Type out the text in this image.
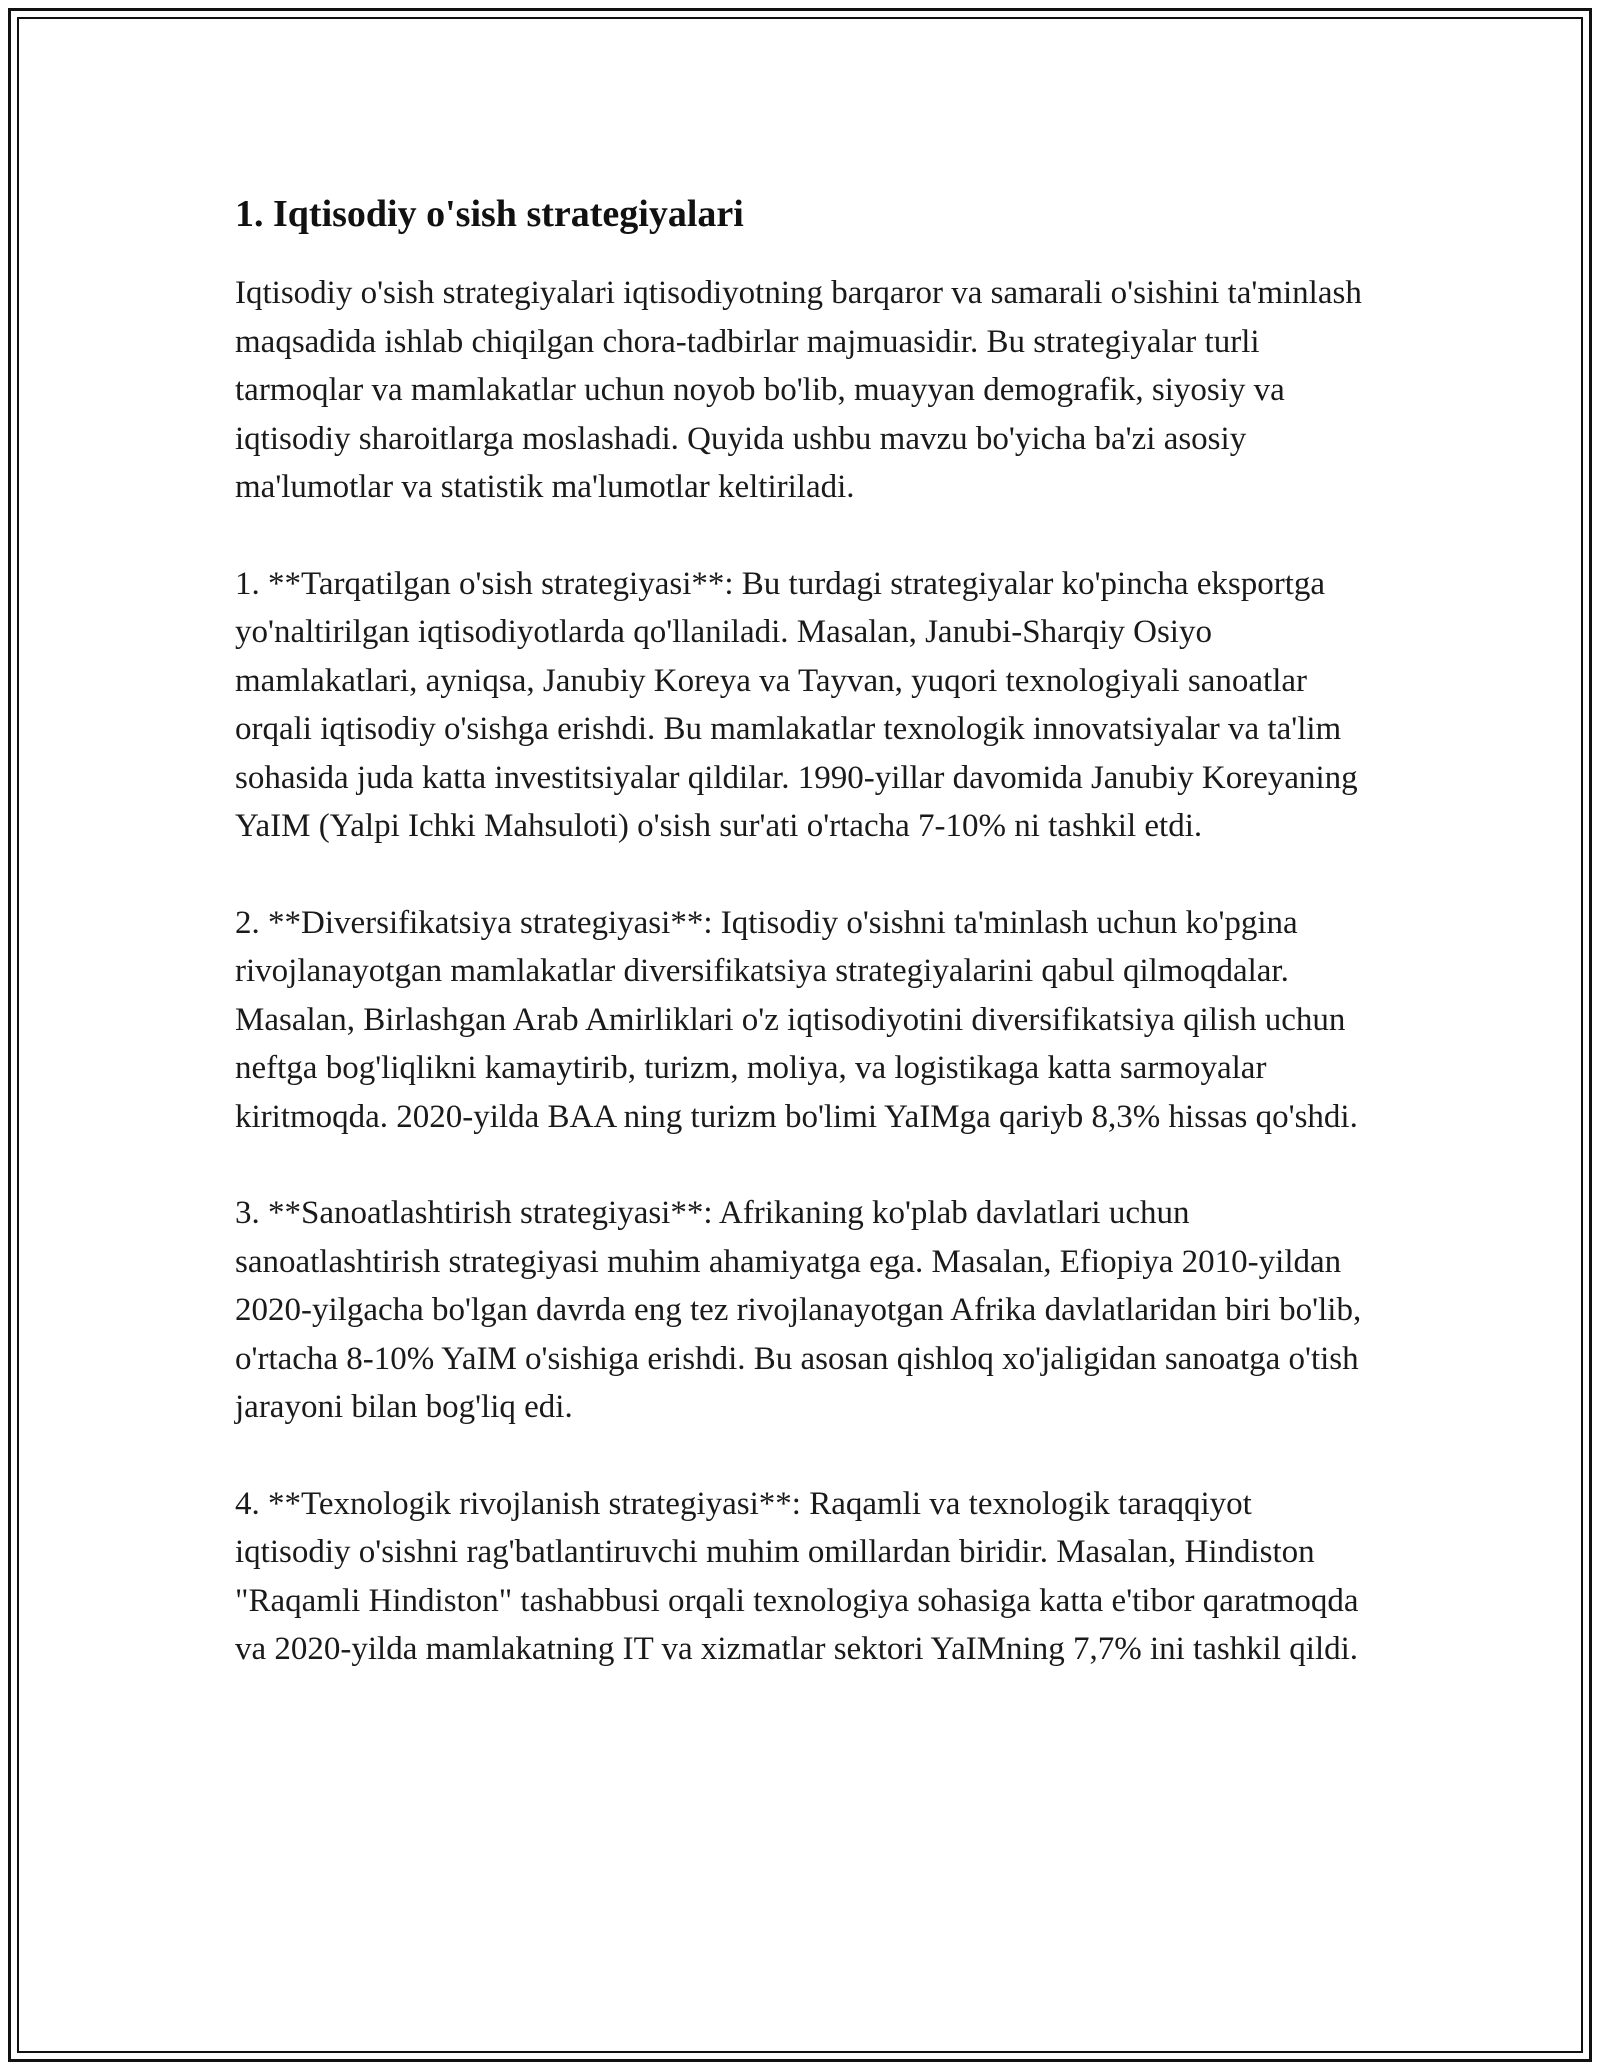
1. Iqtisodiy o'sish strategiyalari

Iqtisodiy o'sish strategiyalari iqtisodiyotning barqaror va samarali o'sishini ta'minlash maqsadida ishlab chiqilgan chora-tadbirlar majmuasidir. Bu strategiyalar turli tarmoqlar va mamlakatlar uchun noyob bo'lib, muayyan demografik, siyosiy va iqtisodiy sharoitlarga moslashadi. Quyida ushbu mavzu bo'yicha ba'zi asosiy ma'lumotlar va statistik ma'lumotlar keltiriladi.

1. **Tarqatilgan o'sish strategiyasi**: Bu turdagi strategiyalar ko'pincha eksportga yo'naltirilgan iqtisodiyotlarda qo'llaniladi. Masalan, Janubi-Sharqiy Osiyo mamlakatlari, ayniqsa, Janubiy Koreya va Tayvan, yuqori texnologiyali sanoatlar orqali iqtisodiy o'sishga erishdi. Bu mamlakatlar texnologik innovatsiyalar va ta'lim sohasida juda katta investitsiyalar qildilar. 1990-yillar davomida Janubiy Koreyaning YaIM (Yalpi Ichki Mahsuloti) o'sish sur'ati o'rtacha 7-10% ni tashkil etdi.

2. **Diversifikatsiya strategiyasi**: Iqtisodiy o'sishni ta'minlash uchun ko'pgina rivojlanayotgan mamlakatlar diversifikatsiya strategiyalarini qabul qilmoqdalar. Masalan, Birlashgan Arab Amirliklari o'z iqtisodiyotini diversifikatsiya qilish uchun neftga bog'liqlikni kamaytirib, turizm, moliya, va logistikaga katta sarmoyalar kiritmoqda. 2020-yilda BAA ning turizm bo'limi YaIMga qariyb 8,3% hissas qo'shdi.

3. **Sanoatlashtirish strategiyasi**: Afrikaning ko'plab davlatlari uchun sanoatlashtirish strategiyasi muhim ahamiyatga ega. Masalan, Efiopiya 2010-yildan 2020-yilgacha bo'lgan davrda eng tez rivojlanayotgan Afrika davlatlaridan biri bo'lib, o'rtacha 8-10% YaIM o'sishiga erishdi. Bu asosan qishloq xo'jaligidan sanoatga o'tish jarayoni bilan bog'liq edi.

4. **Texnologik rivojlanish strategiyasi**: Raqamli va texnologik taraqqiyot iqtisodiy o'sishni rag'batlantiruvchi muhim omillardan biridir. Masalan, Hindiston "Raqamli Hindiston" tashabbusi orqali texnologiya sohasiga katta e'tibor qaratmoqda va 2020-yilda mamlakatning IT va xizmatlar sektori YaIMning 7,7% ini tashkil qildi.
